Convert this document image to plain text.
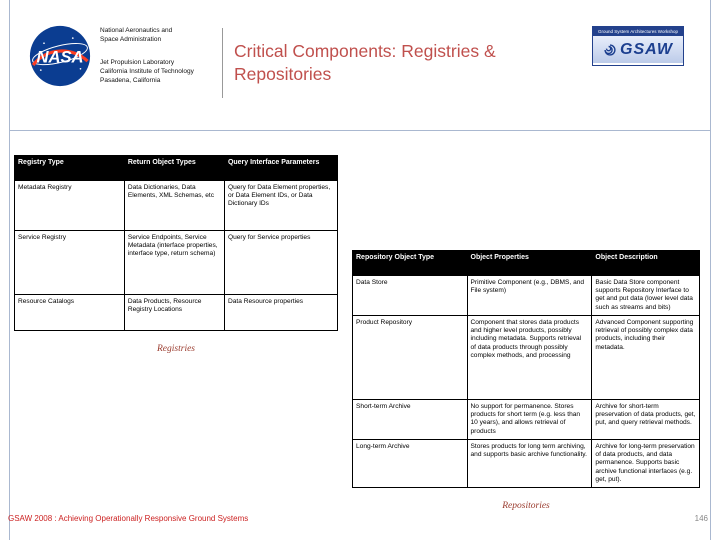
NASA
National Aeronautics and
Space Administration
Jet Propulsion Laboratory
California Institute of Technology
Pasadena, California
Critical Components: Registries &
Repositories
Ground System Architectures Workshop
GSAW
Registry Type	Return Object Types	Query Interface Parameters
Metadata Registry	Data Dictionaries, Data Elements, XML Schemas, etc	Query for Data Element properties, or Data Element IDs, or Data Dictionary IDs
Service Registry	Service Endpoints, Service Metadata (interface properties, interface type, return schema)	Query for Service properties
Resource Catalogs	Data Products, Resource Registry Locations	Data Resource properties
Registries
Repository Object Type	Object Properties	Object Description
Data Store	Primitive Component (e.g., DBMS, and File system)	Basic Data Store component supports Repository Interface to get and put data (lower level data such as streams and bits)
Product Repository	Component that stores data products and higher level products, possibly including metadata. Supports retrieval of data products through possibly complex methods, and processing	Advanced Component supporting retrieval of possibly complex data products, including their metadata.
Short-term Archive	No support for permanence. Stores products for short term (e.g. less than 10 years), and allows retrieval of products	Archive for short-term preservation of data products, get, put, and query retrieval methods.
Long-term Archive	Stores products for long term archiving, and supports basic archive functionality.	Archive for long-term preservation of data products, and data permanence. Supports basic archive functional interfaces (e.g. get, put).
Repositories
GSAW 2008 : Achieving Operationally Responsive Ground Systems	146
